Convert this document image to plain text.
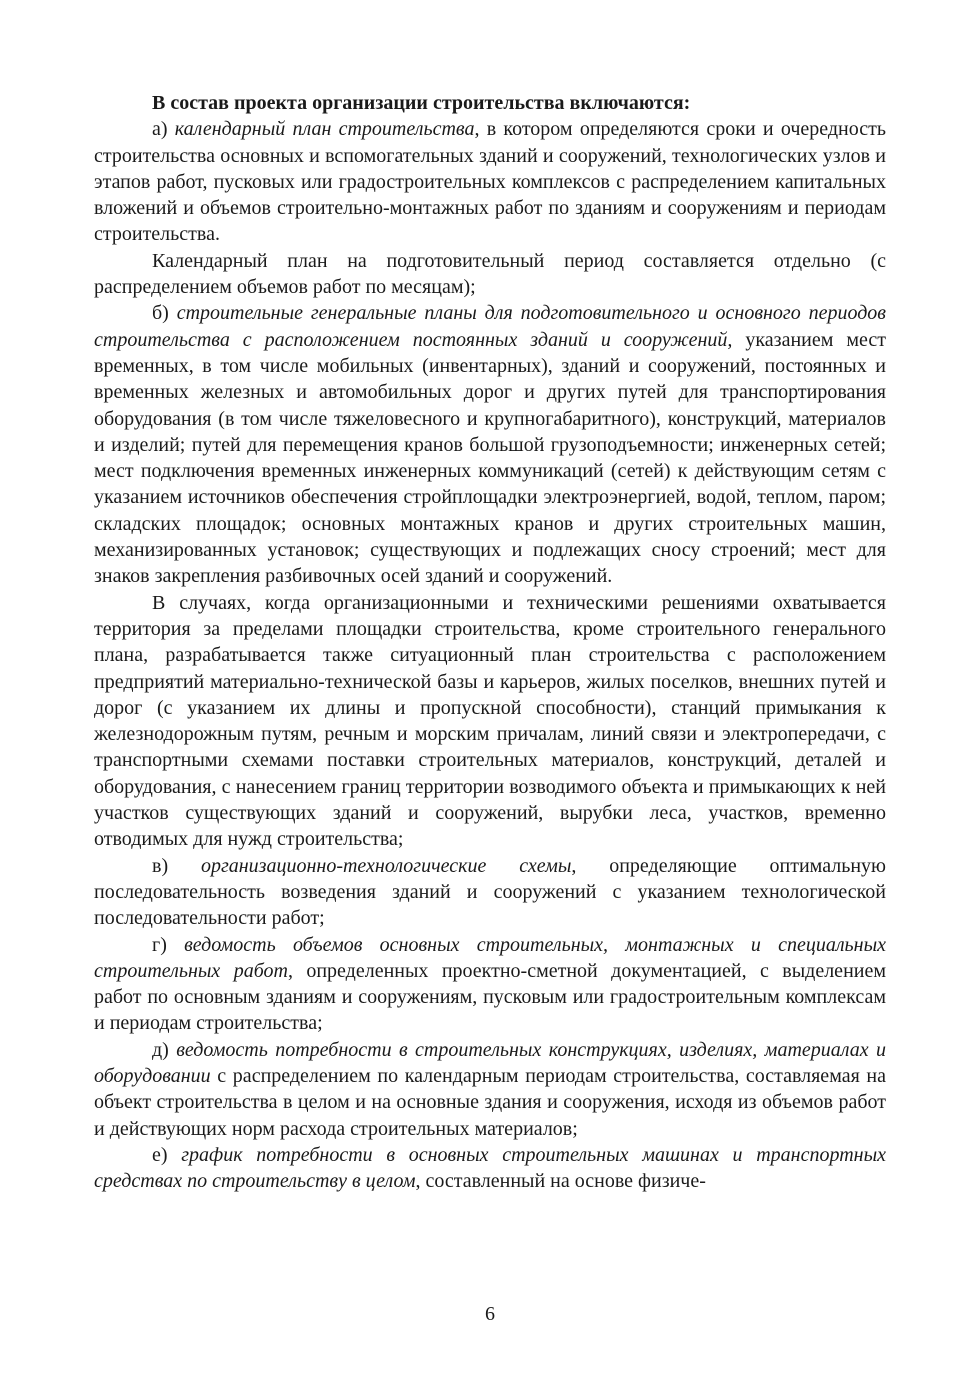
В состав проекта организации строительства включаются:

а) календарный план строительства, в котором определяются сроки и очередность строительства основных и вспомогательных зданий и сооружений, технологических узлов и этапов работ, пусковых или градостроительных комплексов с распределением капитальных вложений и объемов строительно-монтажных работ по зданиям и сооружениям и периодам строительства.

Календарный план на подготовительный период составляется отдельно (с распределением объемов работ по месяцам);

б) строительные генеральные планы для подготовительного и основного периодов строительства с расположением постоянных зданий и сооружений, указанием мест временных, в том числе мобильных (инвентарных), зданий и сооружений, постоянных и временных железных и автомобильных дорог и других путей для транспортирования оборудования (в том числе тяжеловесного и крупногабаритного), конструкций, материалов и изделий; путей для перемещения кранов большой грузоподъемности; инженерных сетей; мест подключения временных инженерных коммуникаций (сетей) к действующим сетям с указанием источников обеспечения стройплощадки электроэнергией, водой, теплом, паром; складских площадок; основных монтажных кранов и других строительных машин, механизированных установок; существующих и подлежащих сносу строений; мест для знаков закрепления разбивочных осей зданий и сооружений.

В случаях, когда организационными и техническими решениями охватывается территория за пределами площадки строительства, кроме строительного генерального плана, разрабатывается также ситуационный план строительства с расположением предприятий материально-технической базы и карьеров, жилых поселков, внешних путей и дорог (с указанием их длины и пропускной способности), станций примыкания к железнодорожным путям, речным и морским причалам, линий связи и электропередачи, с транспортными схемами поставки строительных материалов, конструкций, деталей и оборудования, с нанесением границ территории возводимого объекта и примыкающих к ней участков существующих зданий и сооружений, вырубки леса, участков, временно отводимых для нужд строительства;

в) организационно-технологические схемы, определяющие оптимальную последовательность возведения зданий и сооружений с указанием технологической последовательности работ;

г) ведомость объемов основных строительных, монтажных и специальных строительных работ, определенных проектно-сметной документацией, с выделением работ по основным зданиям и сооружениям, пусковым или градостроительным комплексам и периодам строительства;

д) ведомость потребности в строительных конструкциях, изделиях, материалах и оборудовании с распределением по календарным периодам строительства, составляемая на объект строительства в целом и на основные здания и сооружения, исходя из объемов работ и действующих норм расхода строительных материалов;

е) график потребности в основных строительных машинах и транспортных средствах по строительству в целом, составленный на основе физиче-

6
